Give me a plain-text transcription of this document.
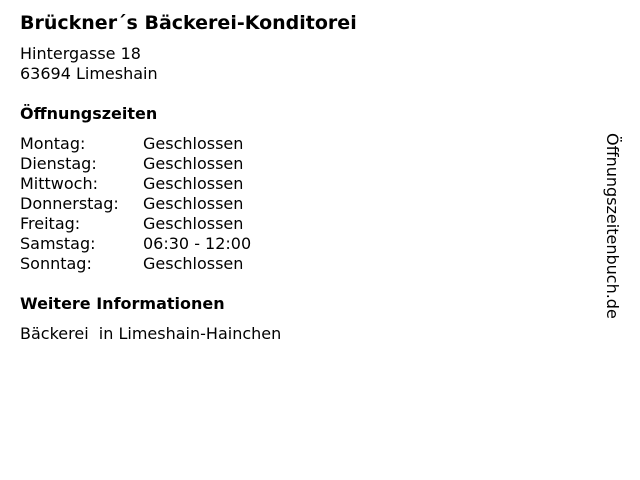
Brückner´s Bäckerei-Konditorei
Hintergasse 18
63694 Limeshain
Öffnungszeiten
Montag:	Geschlossen
Dienstag:	Geschlossen
Mittwoch:	Geschlossen
Donnerstag:	Geschlossen
Freitag:	Geschlossen
Samstag:	06:30 - 12:00
Sonntag:	Geschlossen
Weitere Informationen
Bäckerei  in Limeshain-Hainchen
Öffnungszeitenbuch.de
